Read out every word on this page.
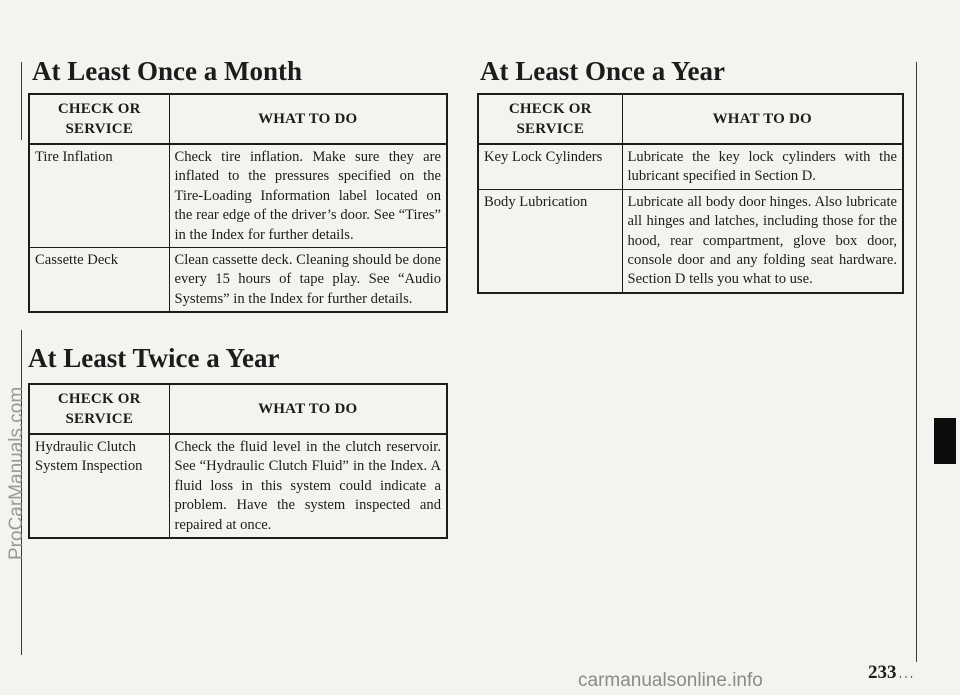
At Least Once a Month
CHECK OR SERVICE	WHAT TO DO
Tire Inflation	Check tire inflation. Make sure they are inflated to the pressures specified on the Tire-Loading Information label located on the rear edge of the driver’s door. See “Tires” in the Index for further details.
Cassette Deck	Clean cassette deck. Cleaning should be done every 15 hours of tape play. See “Audio Systems” in the Index for further details.
At Least Twice a Year
CHECK OR SERVICE	WHAT TO DO
Hydraulic Clutch System Inspection	Check the fluid level in the clutch reservoir. See “Hydraulic Clutch Fluid” in the Index. A fluid loss in this system could indicate a problem. Have the system inspected and repaired at once.
At Least Once a Year
CHECK OR SERVICE	WHAT TO DO
Key Lock Cylinders	Lubricate the key lock cylinders with the lubricant specified in Section D.
Body Lubrication	Lubricate all body door hinges. Also lubricate all hinges and latches, including those for the hood, rear compartment, glove box door, console door and any folding seat hardware. Section D tells you what to use.
233 ˌˌˌ
ProCarManuals.com
carmanualsonline.info
